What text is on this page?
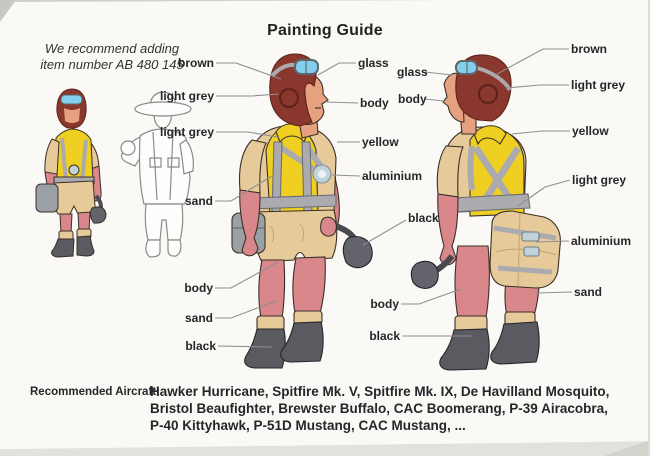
Painting Guide
We recommend adding
item number AB 480 145
brown
light grey
light grey
sand
body
sand
black
glass
body
yellow
aluminium
black
glass
body
brown
light grey
yellow
light grey
aluminium
sand
body
black
Recommended Aircraft:
Hawker Hurricane, Spitfire Mk. V, Spitfire Mk. IX, De Havilland Mosquito,
Bristol Beaufighter, Brewster Buffalo, CAC Boomerang, P-39 Airacobra,
P-40 Kittyhawk, P-51D Mustang, CAC Mustang, ...
